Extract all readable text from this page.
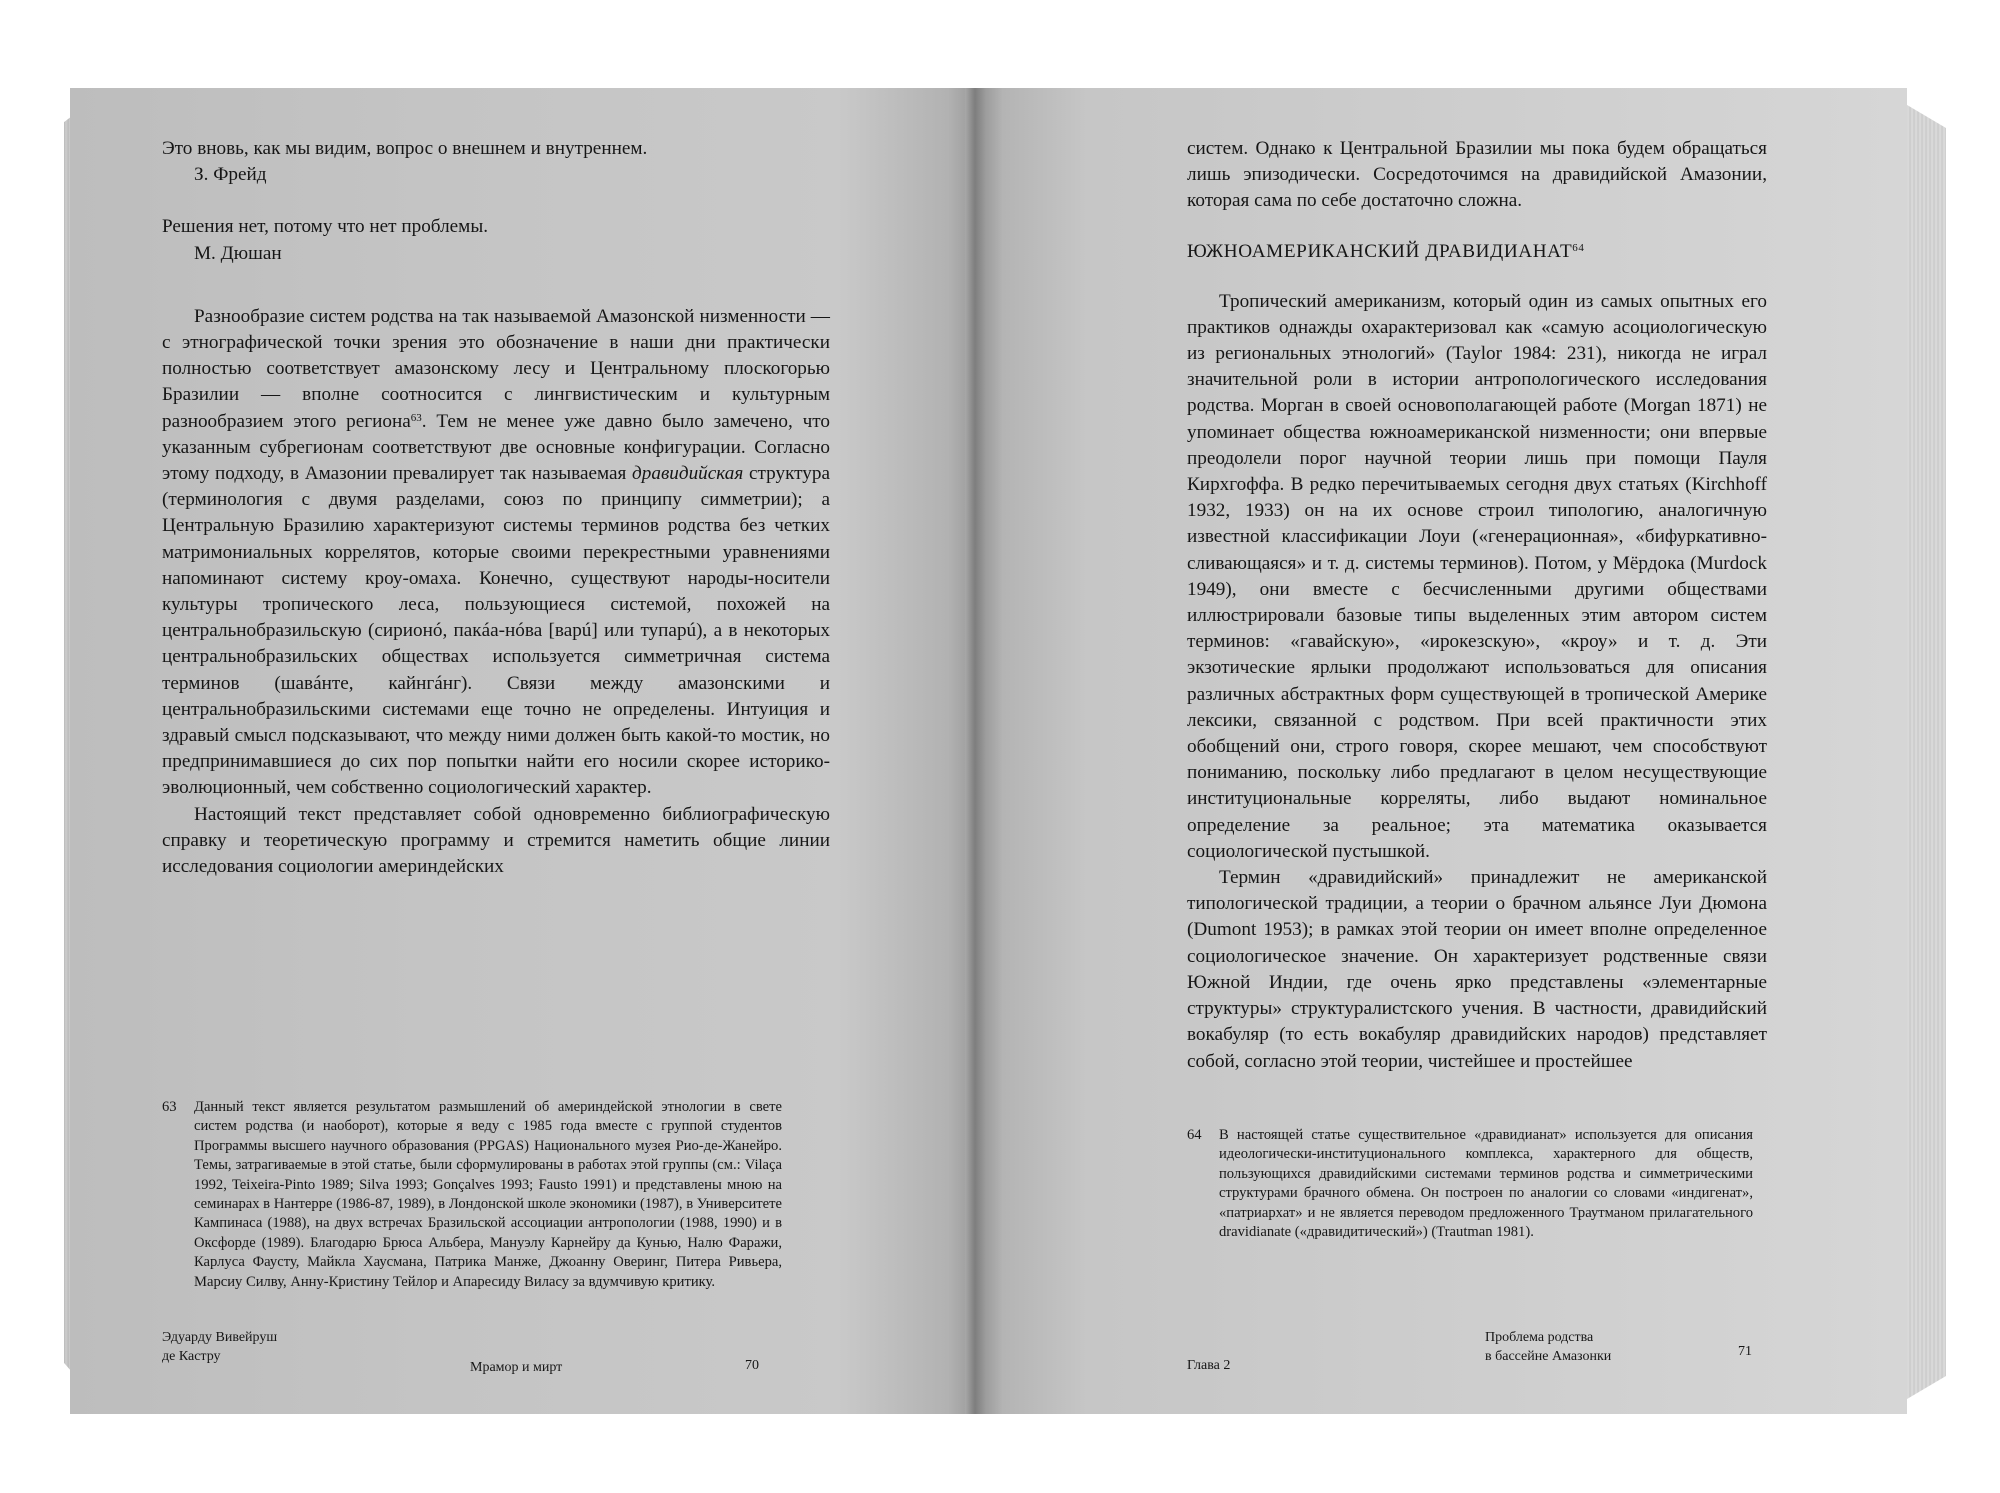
Это вновь, как мы видим, вопрос о внешнем и внутреннем.

З. Фрейд

Решения нет, потому что нет проблемы.

М. Дюшан

Разнообразие систем родства на так называемой Амазонской низменности — с этнографической точки зрения это обозначение в наши дни практически полностью соответствует амазонскому лесу и Центральному плоскогорью Бразилии — вполне соотносится с лингвистическим и культурным разнообразием этого региона$^{63}$. Тем не менее уже давно было замечено, что указанным субрегионам соответствуют две основные конфигурации. Согласно этому подходу, в Амазонии превалирует так называемая дравидийская структура (терминология с двумя разделами, союз по принципу симметрии); а Центральную Бразилию характеризуют системы терминов родства без четких матримониальных коррелятов, которые своими перекрестными уравнениями напоминают систему кроу-омаха. Конечно, существуют народы-носители культуры тропического леса, пользующиеся системой, похожей на центральнобразильскую (сирионó, пакáа-нóва [варú] или тупарú), а в некоторых центральнобразильских обществах используется симметричная система терминов (шавáнте, кайнгáнг). Связи между амазонскими и центральнобразильскими системами еще точно не определены. Интуиция и здравый смысл подсказывают, что между ними должен быть какой-то мостик, но предпринимавшиеся до сих пор попытки найти его носили скорее историко-эволюционный, чем собственно социологический характер.

Настоящий текст представляет собой одновременно библиографическую справку и теоретическую программу и стремится наметить общие линии исследования социологии америндейских

63 Данный текст является результатом размышлений об америндейской этнологии в свете систем родства (и наоборот), которые я веду с 1985 года вместе с группой студентов Программы высшего научного образования (PPGAS) Национального музея Рио-де-Жанейро. Темы, затрагиваемые в этой статье, были сформулированы в работах этой группы (см.: Vilaça 1992, Teixeira-Pinto 1989; Silva 1993; Gonçalves 1993; Fausto 1991) и представлены мною на семинарах в Нантерре (1986-87, 1989), в Лондонской школе экономики (1987), в Университете Кампинаса (1988), на двух встречах Бразильской ассоциации антропологии (1988, 1990) и в Оксфорде (1989). Благодарю Брюса Альбера, Мануэлу Карнейру да Кунью, Налю Фаражи, Карлуса Фаусту, Майкла Хаусмана, Патрика Манже, Джоанну Оверинг, Питера Ривьера, Марсиу Силву, Анну-Кристину Тейлор и Апаресиду Виласу за вдумчивую критику.
Эдуарду Вивейруш
де Кастру
Мрамор и мирт	70

систем. Однако к Центральной Бразилии мы пока будем обращаться лишь эпизодически. Сосредоточимся на дравидийской Амазонии, которая сама по себе достаточно сложна.

ЮЖНОАМЕРИКАНСКИЙ ДРАВИДИАНАТ$^{64}$

Тропический американизм, который один из самых опытных его практиков однажды охарактеризовал как «самую асоциологическую из региональных этнологий» (Taylor 1984: 231), никогда не играл значительной роли в истории антропологического исследования родства. Морган в своей основополагающей работе (Morgan 1871) не упоминает общества южноамериканской низменности; они впервые преодолели порог научной теории лишь при помощи Пауля Кирхгоффа. В редко перечитываемых сегодня двух статьях (Kirchhoff 1932, 1933) он на их основе строил типологию, аналогичную известной классификации Лоуи («генерационная», «бифуркативно-сливающаяся» и т. д. системы терминов). Потом, у Мёрдока (Murdock 1949), они вместе с бесчисленными другими обществами иллюстрировали базовые типы выделенных этим автором систем терминов: «гавайскую», «ирокезскую», «кроу» и т. д. Эти экзотические ярлыки продолжают использоваться для описания различных абстрактных форм существующей в тропической Америке лексики, связанной с родством. При всей практичности этих обобщений они, строго говоря, скорее мешают, чем способствуют пониманию, поскольку либо предлагают в целом несуществующие институциональные корреляты, либо выдают номинальное определение за реальное; эта математика оказывается социологической пустышкой.

Термин «дравидийский» принадлежит не американской типологической традиции, а теории о брачном альянсе Луи Дюмона (Dumont 1953); в рамках этой теории он имеет вполне определенное социологическое значение. Он характеризует родственные связи Южной Индии, где очень ярко представлены «элементарные структуры» структуралистского учения. В частности, дравидийский вокабуляр (то есть вокабуляр дравидийских народов) представляет собой, согласно этой теории, чистейшее и простейшее

64 В настоящей статье существительное «дравидианат» используется для описания идеологически-институционального комплекса, характерного для обществ, пользующихся дравидийскими системами терминов родства и симметрическими структурами брачного обмена. Он построен по аналогии со словами «индигенат», «патриархат» и не является переводом предложенного Траутманом прилагательного dravidianate («дравидитический») (Trautman 1981).
Глава 2
Проблема родства
в бассейне Амазонки	71
